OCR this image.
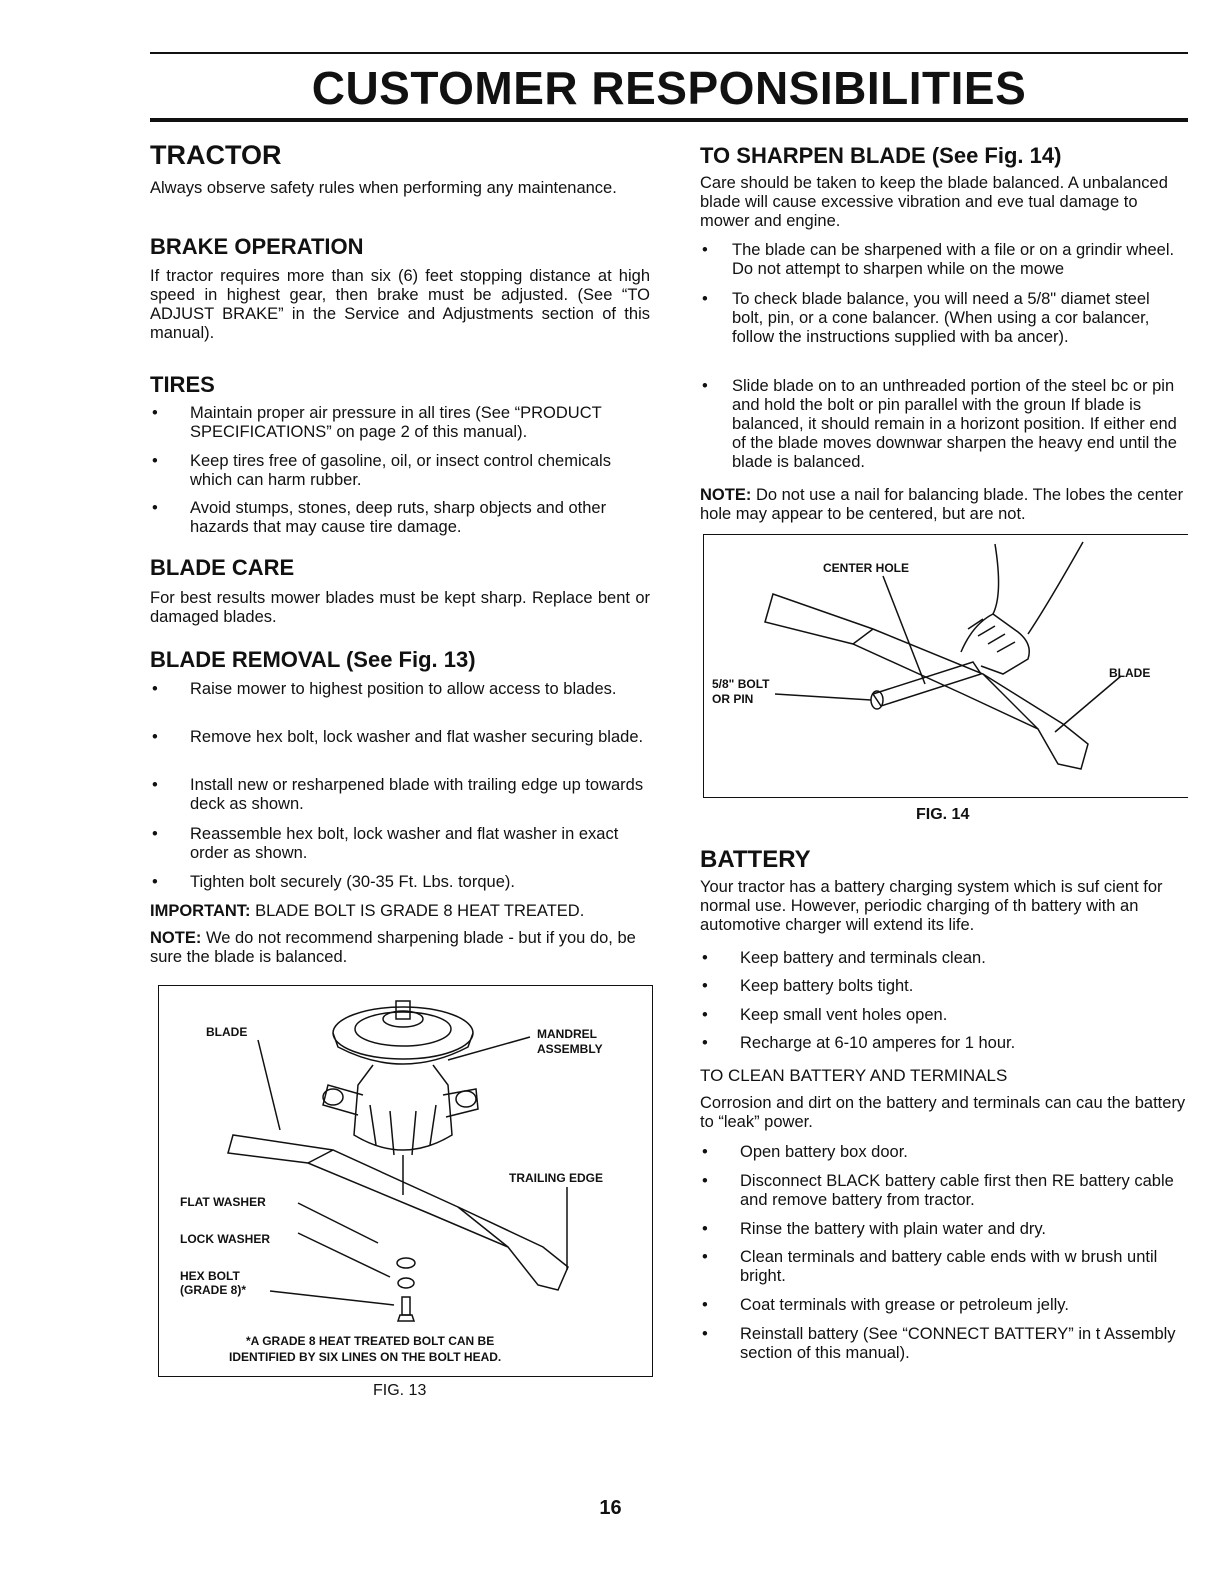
CUSTOMER RESPONSIBILITIES
TRACTOR
Always observe safety rules when performing any maintenance.
BRAKE OPERATION
If tractor requires more than six (6) feet stopping distance at high speed in highest gear, then brake must be adjusted. (See “TO ADJUST BRAKE” in the Service and Adjustments section of this manual).
TIRES
• Maintain proper air pressure in all tires (See “PRODUCT SPECIFICATIONS” on page 2 of this manual).
• Keep tires free of gasoline, oil, or insect control chemicals which can harm rubber.
• Avoid stumps, stones, deep ruts, sharp objects and other hazards that may cause tire damage.
BLADE CARE
For best results mower blades must be kept sharp. Replace bent or damaged blades.
BLADE REMOVAL (See Fig. 13)
• Raise mower to highest position to allow access to blades.
• Remove hex bolt, lock washer and flat washer securing blade.
• Install new or resharpened blade with trailing edge up towards deck as shown.
• Reassemble hex bolt, lock washer and flat washer in exact order as shown.
• Tighten bolt securely (30-35 Ft. Lbs. torque).
IMPORTANT: BLADE BOLT IS GRADE 8 HEAT TREATED.
NOTE: We do not recommend sharpening blade - but if you do, be sure the blade is balanced.
BLADE	MANDREL
ASSEMBLY
TRAILING EDGE
FLAT WASHER
LOCK WASHER
HEX BOLT
(GRADE 8)*
*A GRADE 8 HEAT TREATED BOLT CAN BE
IDENTIFIED BY SIX LINES ON THE BOLT HEAD.
FIG. 13
TO SHARPEN BLADE (See Fig. 14)
Care should be taken to keep the blade balanced. A unbalanced blade will cause excessive vibration and eve tual damage to mower and engine.
• The blade can be sharpened with a file or on a grindir wheel. Do not attempt to sharpen while on the mowe
• To check blade balance, you will need a 5/8" diamet steel bolt, pin, or a cone balancer. (When using a cor balancer, follow the instructions supplied with ba ancer).
• Slide blade on to an unthreaded portion of the steel bc or pin and hold the bolt or pin parallel with the groun If blade is balanced, it should remain in a horizont position. If either end of the blade moves downwar sharpen the heavy end until the blade is balanced.
NOTE: Do not use a nail for balancing blade. The lobes the center hole may appear to be centered, but are not.
CENTER HOLE
5/8" BOLT
OR PIN
BLADE
FIG. 14
BATTERY
Your tractor has a battery charging system which is suf cient for normal use. However, periodic charging of th battery with an automotive charger will extend its life.
• Keep battery and terminals clean.
• Keep battery bolts tight.
• Keep small vent holes open.
• Recharge at 6-10 amperes for 1 hour.
TO CLEAN BATTERY AND TERMINALS
Corrosion and dirt on the battery and terminals can cau the battery to “leak” power.
• Open battery box door.
• Disconnect BLACK battery cable first then RE battery cable and remove battery from tractor.
• Rinse the battery with plain water and dry.
• Clean terminals and battery cable ends with w brush until bright.
• Coat terminals with grease or petroleum jelly.
• Reinstall battery (See “CONNECT BATTERY” in t Assembly section of this manual).
16
